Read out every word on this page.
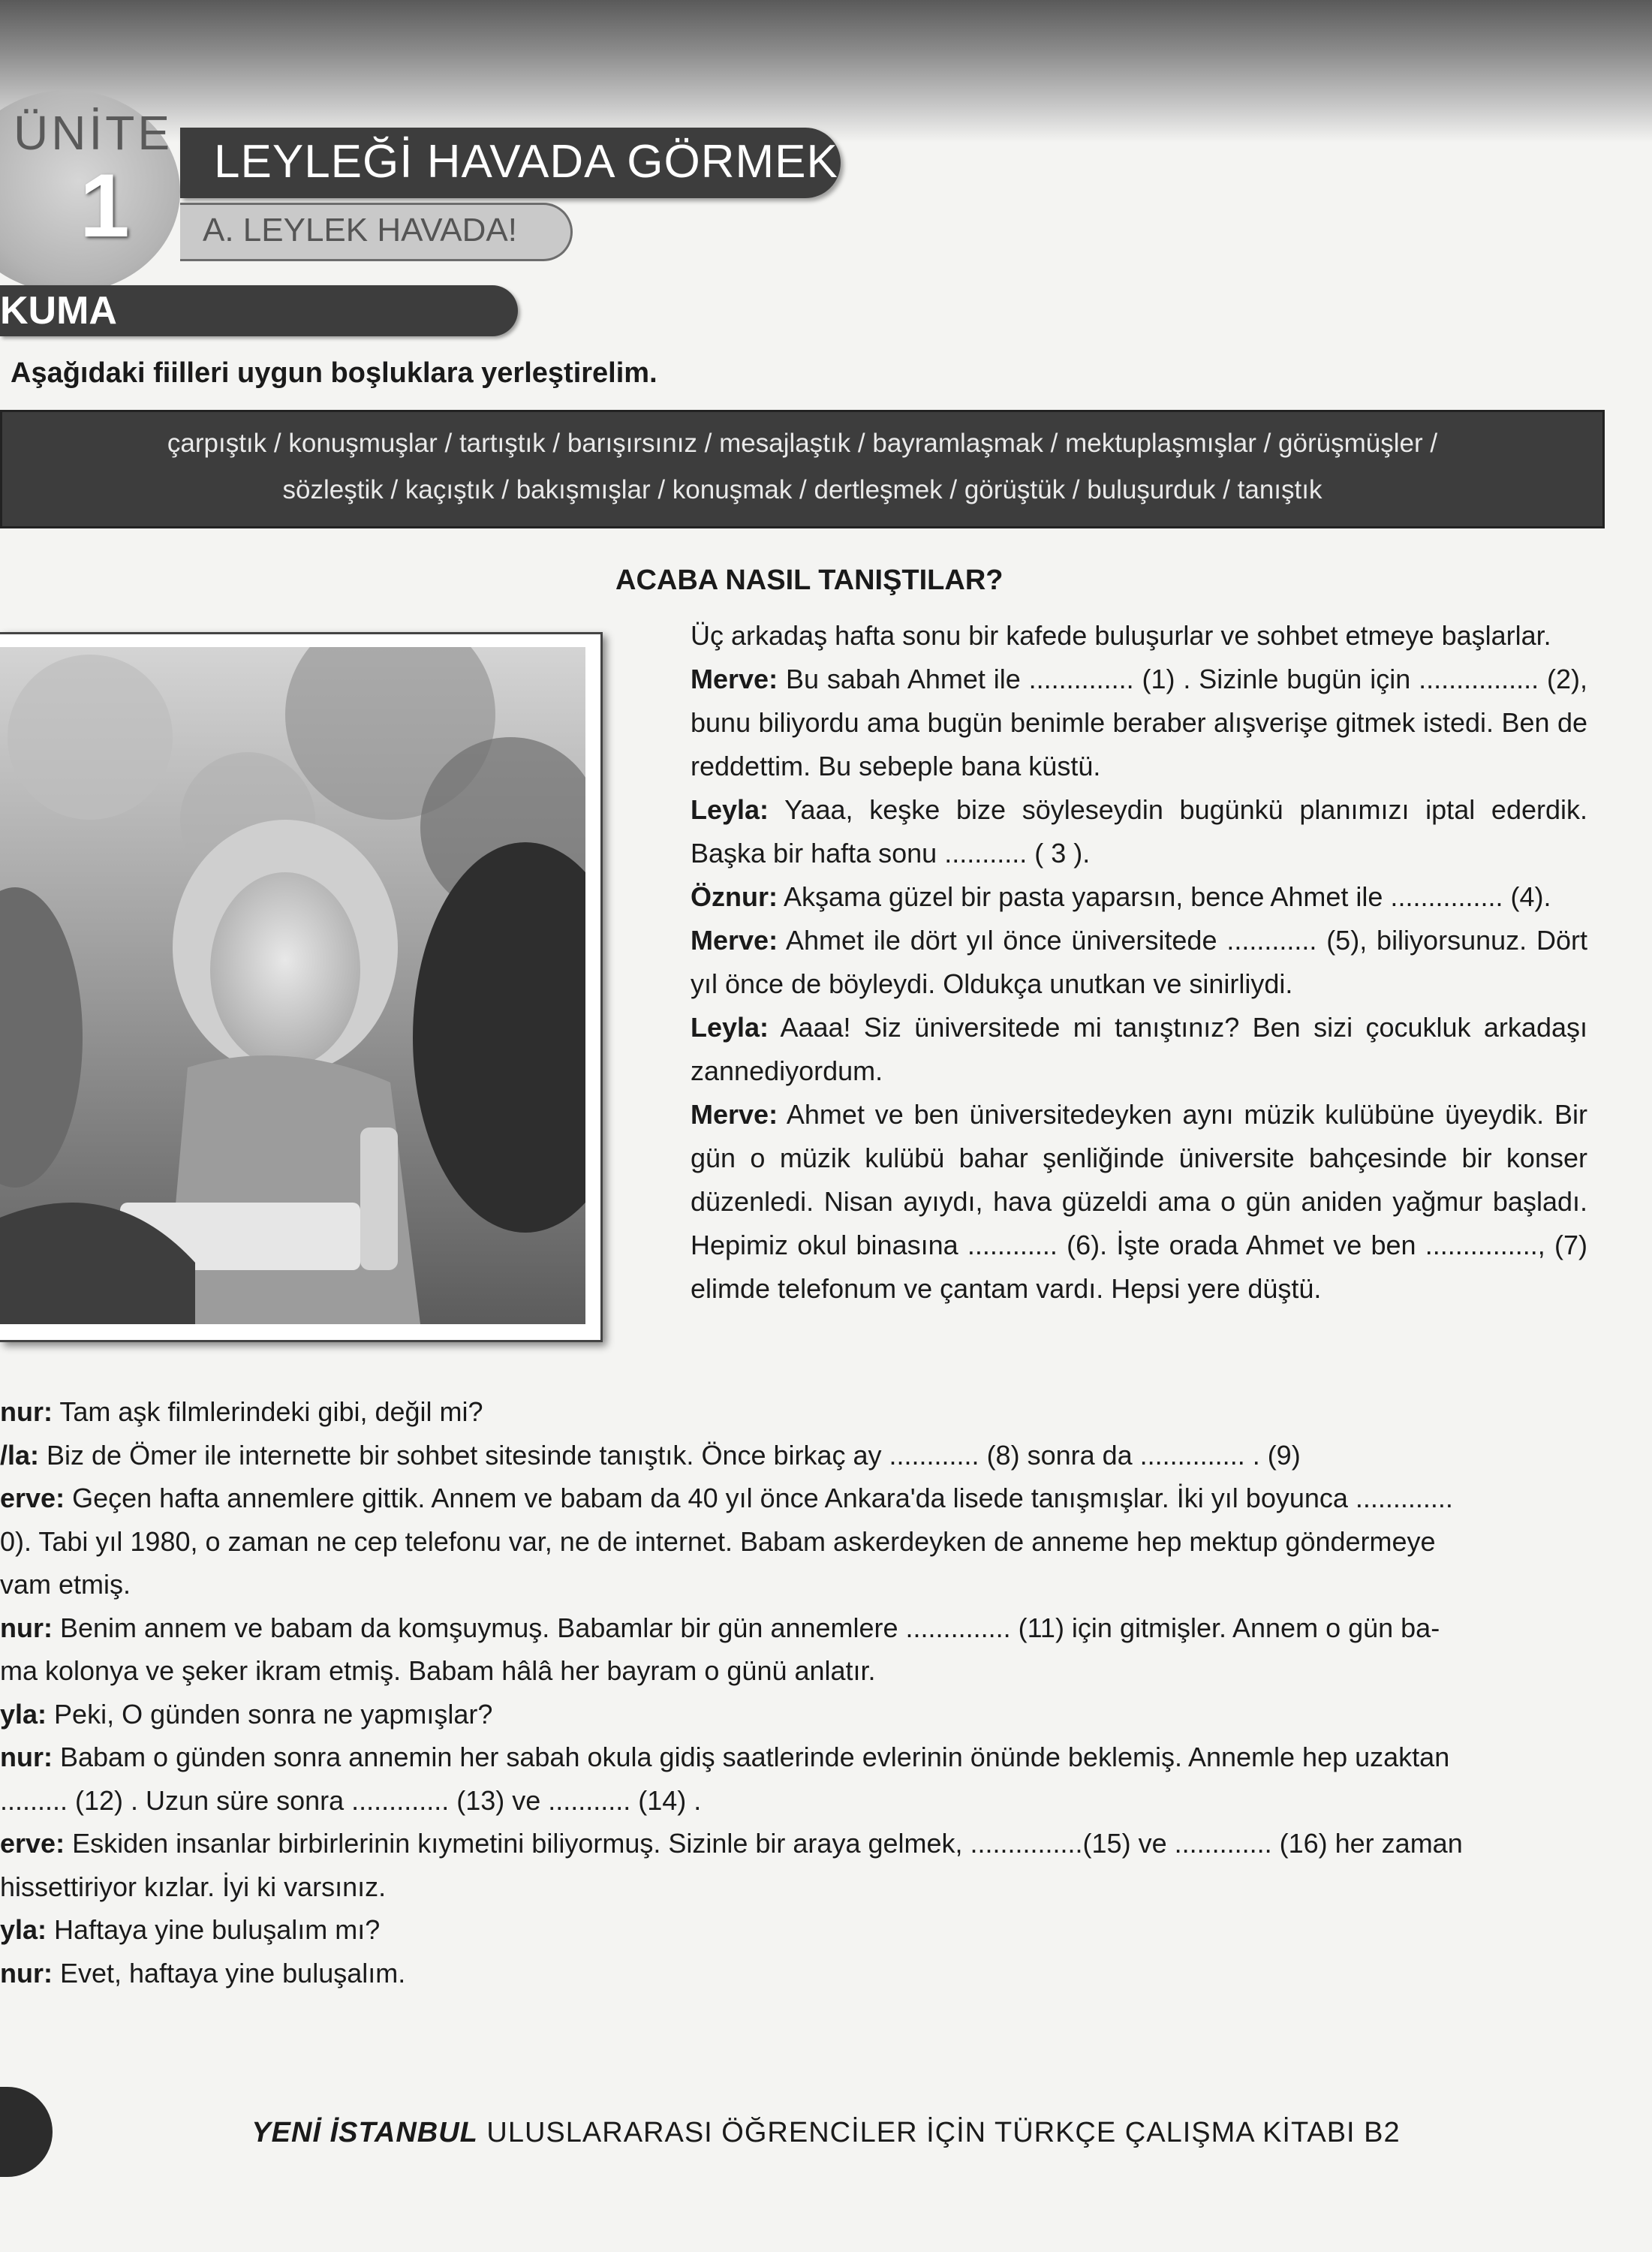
ÜNİTE
1 LEYLEĞİ HAVADA GÖRMEK
A. LEYLEK HAVADA!
KUMA
Aşağıdaki fiilleri uygun boşluklara yerleştirelim.
çarpıştık / konuşmuşlar / tartıştık / barışırsınız / mesajlaştık / bayramlaşmak / mektuplaşmışlar / görüşmüşler /
sözleştik / kaçıştık / bakışmışlar / konuşmak / dertleşmek / görüştük / buluşurduk / tanıştık
ACABA NASIL TANIŞTILAR?

Üç arkadaş hafta sonu bir kafede buluşurlar ve sohbet etmeye başlarlar.

Merve: Bu sabah Ahmet ile .............. (1) . Sizinle bugün için ................ (2), bunu biliyordu ama bugün benimle beraber alışverişe gitmek istedi. Ben de reddettim. Bu sebeple bana küstü.

Leyla: Yaaa, keşke bize söyleseydin bugünkü planımızı iptal ederdik. Başka bir hafta sonu ........... ( 3 ).

Öznur: Akşama güzel bir pasta yaparsın, bence Ahmet ile ............... (4).

Merve: Ahmet ile dört yıl önce üniversitede ............ (5), biliyorsunuz. Dört yıl önce de böyleydi. Oldukça unutkan ve sinirliydi.

Leyla: Aaaa! Siz üniversitede mi tanıştınız? Ben sizi çocukluk arkadaşı zannediyordum.

Merve: Ahmet ve ben üniversitedeyken aynı müzik kulübüne üyeydik. Bir gün o müzik kulübü bahar şenliğinde üniversite bahçesinde bir konser düzenledi. Nisan ayıydı, hava güzeldi ama o gün aniden yağmur başladı. Hepimiz okul binasına ............ (6). İşte orada Ahmet ve ben ..............., (7) elimde telefonum ve çantam vardı. Hepsi yere düştü.

nur: Tam aşk filmlerindeki gibi, değil mi?

/la: Biz de Ömer ile internette bir sohbet sitesinde tanıştık. Önce birkaç ay ............ (8) sonra da .............. . (9)

erve: Geçen hafta annemlere gittik. Annem ve babam da 40 yıl önce Ankara'da lisede tanışmışlar. İki yıl boyunca .............

0). Tabi yıl 1980, o zaman ne cep telefonu var, ne de internet. Babam askerdeyken de anneme hep mektup göndermeye

vam etmiş.

nur: Benim annem ve babam da komşuymuş. Babamlar bir gün annemlere .............. (11) için gitmişler. Annem o gün ba-

ma kolonya ve şeker ikram etmiş. Babam hâlâ her bayram o günü anlatır.

yla: Peki, O günden sonra ne yapmışlar?

nur: Babam o günden sonra annemin her sabah okula gidiş saatlerinde evlerinin önünde beklemiş. Annemle hep uzaktan

......... (12) . Uzun süre sonra ............. (13) ve ........... (14) .

erve: Eskiden insanlar birbirlerinin kıymetini biliyormuş. Sizinle bir araya gelmek, ...............(15) ve ............. (16) her zaman

hissettiriyor kızlar. İyi ki varsınız.

yla: Haftaya yine buluşalım mı?

nur: Evet, haftaya yine buluşalım.

YENİ İSTANBUL ULUSLARARASI ÖĞRENCİLER İÇİN TÜRKÇE ÇALIŞMA KİTABI B2
